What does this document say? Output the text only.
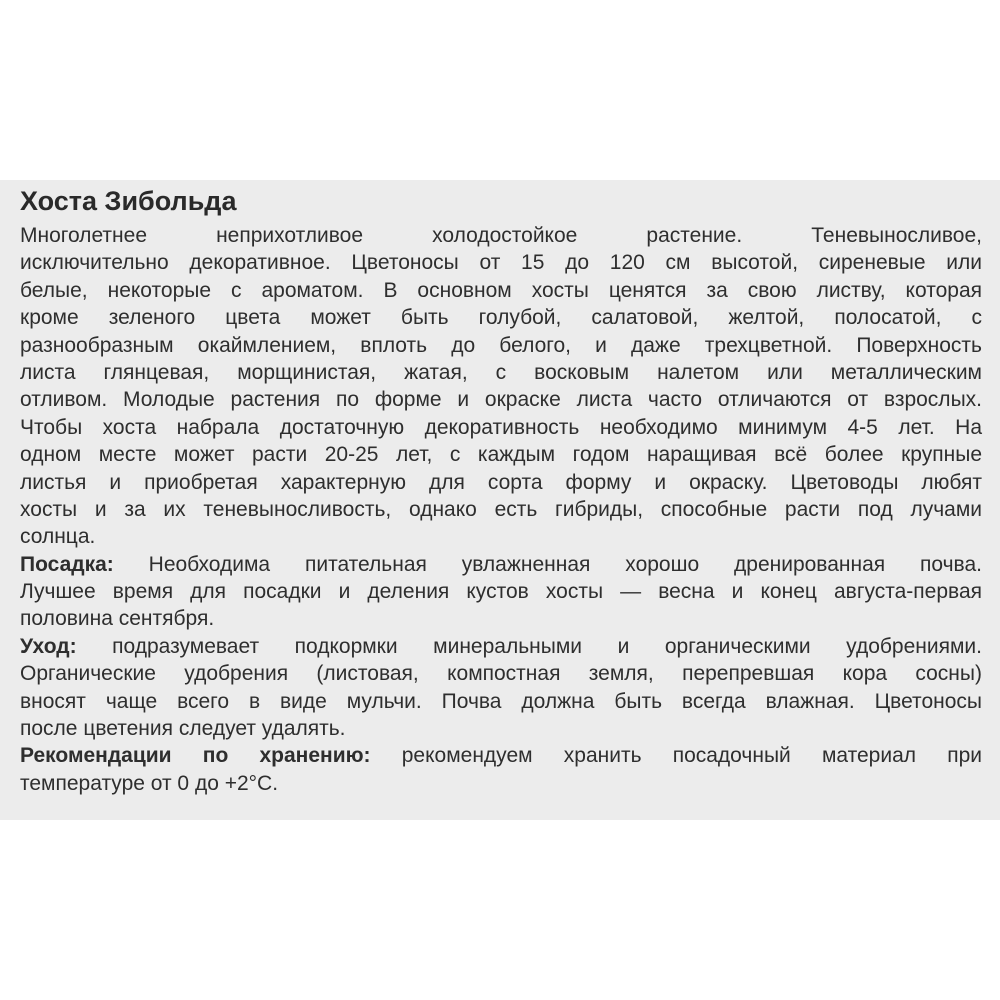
Хоста Зибольда
Многолетнее неприхотливое холодостойкое растение. Теневыносливое,
исключительно декоративное. Цветоносы от 15 до 120 см высотой, сиреневые или
белые, некоторые с ароматом. В основном хосты ценятся за свою листву, которая
кроме зеленого цвета может быть голубой, салатовой, желтой, полосатой, с
разнообразным окаймлением, вплоть до белого, и даже трехцветной. Поверхность
листа глянцевая, морщинистая, жатая, с восковым налетом или металлическим
отливом. Молодые растения по форме и окраске листа часто отличаются от взрослых.
Чтобы хоста набрала достаточную декоративность необходимо минимум 4-5 лет. На
одном месте может расти 20-25 лет, с каждым годом наращивая всё более крупные
листья и приобретая характерную для сорта форму и окраску. Цветоводы любят
хосты и за их теневыносливость, однако есть гибриды, способные расти под лучами
солнца.
Посадка: Необходима питательная увлажненная хорошо дренированная почва.
Лучшее время для посадки и деления кустов хосты — весна и конец августа-первая
половина сентября.
Уход: подразумевает подкормки минеральными и органическими удобрениями.
Органические удобрения (листовая, компостная земля, перепревшая кора сосны)
вносят чаще всего в виде мульчи. Почва должна быть всегда влажная. Цветоносы
после цветения следует удалять.
Рекомендации по хранению: рекомендуем хранить посадочный материал при
температуре от 0 до +2°C.
